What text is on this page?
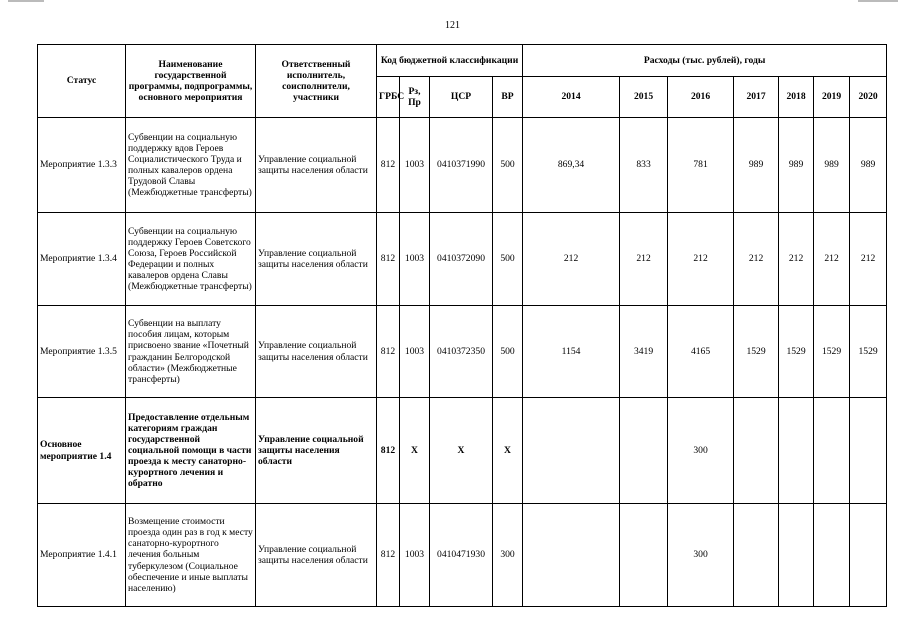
121
Статус	Наименование государственной программы, подпрограммы, основного мероприятия	Ответственный исполнитель, соисполнители, участники	Код бюджетной классификации				Расходы (тыс. рублей), годы						
			ГРБС	Рз, Пр	ЦСР	ВР	2014	2015	2016	2017	2018	2019	2020
Мероприятие 1.3.3	Субвенции на социальную поддержку вдов Героев Социалистического Труда и полных кавалеров ордена Трудовой Славы (Межбюджетные трансферты)	Управление социальной защиты населения области	812	1003	0410371990	500	869,34	833	781	989	989	989	989
Мероприятие 1.3.4	Субвенции на социальную поддержку Героев Советского Союза, Героев Российской Федерации и полных кавалеров ордена Славы (Межбюджетные трансферты)	Управление социальной защиты населения области	812	1003	0410372090	500	212	212	212	212	212	212	212
Мероприятие 1.3.5	Субвенции на выплату пособия лицам, которым присвоено звание «Почетный гражданин Белгородской области» (Межбюджетные трансферты)	Управление социальной защиты населения области	812	1003	0410372350	500	1154	3419	4165	1529	1529	1529	1529
Основное мероприятие 1.4	Предоставление отдельным категориям граждан государственной социальной помощи в части проезда к месту санаторно-курортного лечения и обратно	Управление социальной защиты населения области	812	Х	Х	Х			300				
Мероприятие 1.4.1	Возмещение стоимости проезда один раз в год к месту санаторно-курортного лечения больным туберкулезом (Социальное обеспечение и иные выплаты населению)	Управление социальной защиты населения области	812	1003	0410471930	300			300				
